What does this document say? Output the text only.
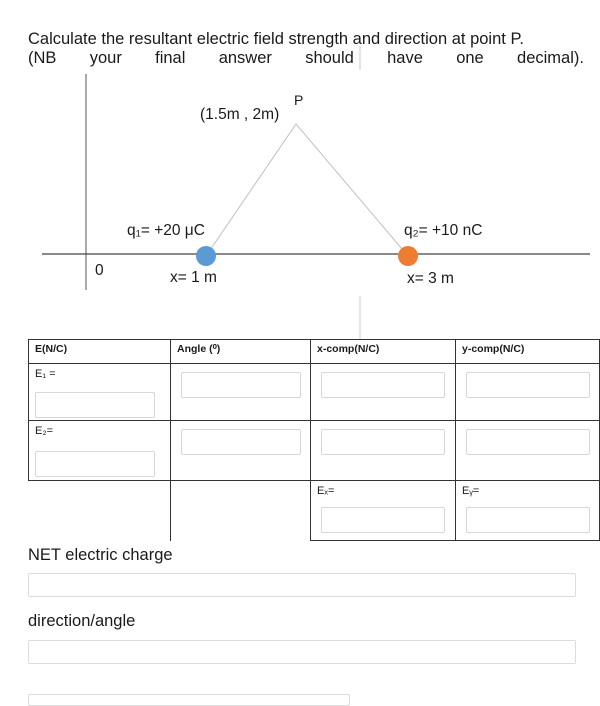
Calculate the resultant electric field strength and direction at point P.
(NB your final answer should have one decimal).
P
(1.5m , 2m)
0
q₁= +20 μC
x= 1 m
q₂= +10 nC
x= 3 m
E(N/C)	Angle (⁰)	x-comp(N/C)	y-comp(N/C)

E₁ =			

E₂=			

		Eₓ=	Eᵧ=
NET electric charge
direction/angle
